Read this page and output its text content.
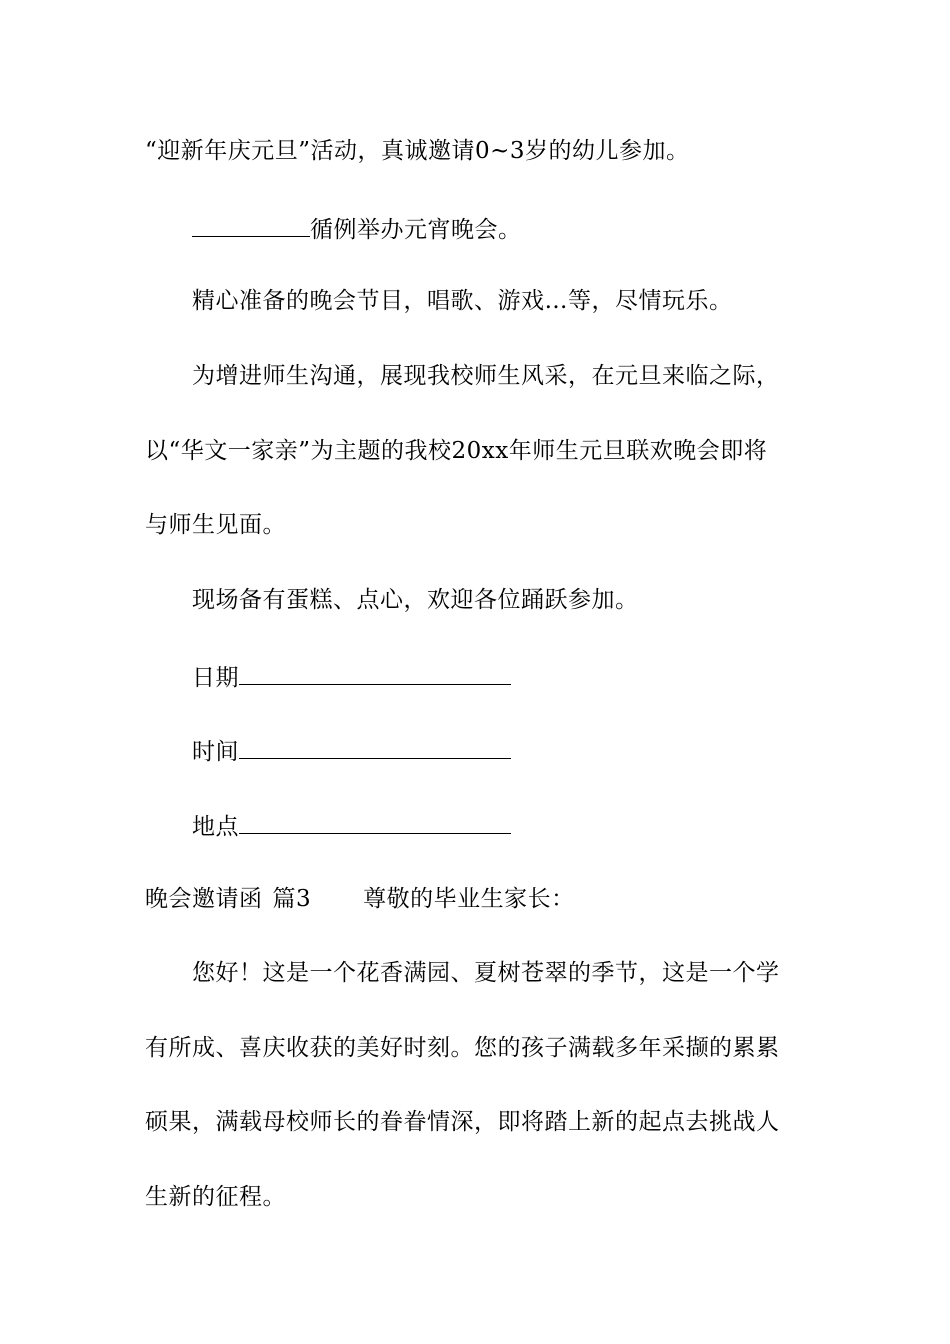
“迎新年庆元旦”活动，真诚邀请0~3岁的幼儿参加。
循例举办元宵晚会。
精心准备的晚会节目，唱歌、游戏…等，尽情玩乐。
为增进师生沟通，展现我校师生风采，在元旦来临之际，
以“华文一家亲”为主题的我校20xx年师生元旦联欢晚会即将
与师生见面。
现场备有蛋糕、点心，欢迎各位踊跃参加。
日期
时间
地点
晚会邀请函 篇3 尊敬的毕业生家长：
您好！这是一个花香满园、夏树苍翠的季节，这是一个学
有所成、喜庆收获的美好时刻。您的孩子满载多年采撷的累累
硕果，满载母校师长的眷眷情深，即将踏上新的起点去挑战人
生新的征程。
